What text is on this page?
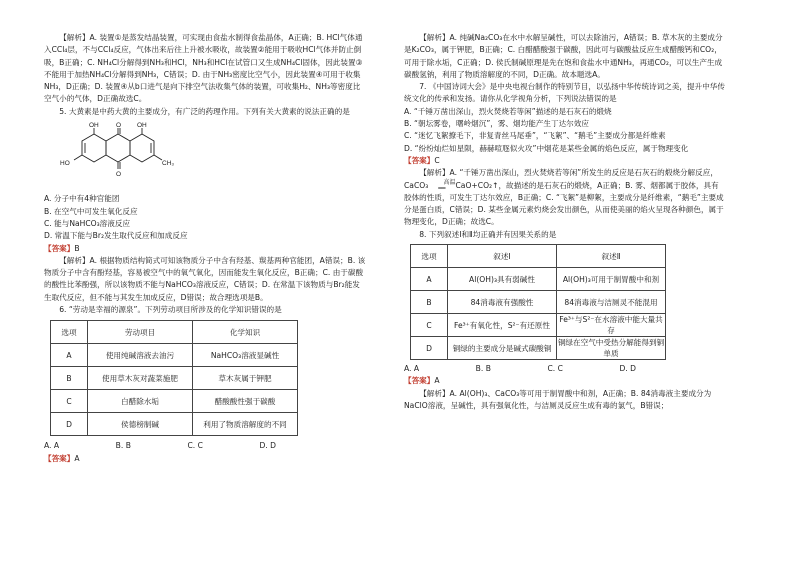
【解析】A. 装置①是蒸发结晶装置，可实现由食盐水制得食盐晶体，A正确；B. HCl气体通入CCl₄层，不与CCl₄反应，气体出来后往上升被水吸收，故装置②能用于吸收HCl气体并防止倒吸，B正确；C. NH₄Cl分解得到NH₃和HCl，NH₃和HCl在试管口又生成NH₄Cl固体，因此装置③不能用于加热NH₄Cl分解得到NH₃，C错误；D. 由于NH₃密度比空气小，因此装置④可用于收集NH₃，D正确；D. 装置④从b口进气是向下排空气法收集气体的装置，可收集H₂、NH₃等密度比空气小的气体，D正确故选C。

5. 大黄素是中药大黄的主要成分，有广泛的药理作用。下列有关大黄素的说法正确的是

OH	O OH
HO
O
CH₃

A. 分子中有4种官能团

B. 在空气中可发生氧化反应

C. 能与NaHCO₃溶液反应

D. 常温下能与Br₂发生取代反应和加成反应

【答案】B

【解析】A. 根据物质结构简式可知该物质分子中含有羟基、羰基两种官能团，A错误；B. 该物质分子中含有酚羟基，容易被空气中的氧气氧化，因而能发生氧化反应，B正确；C. 由于碳酸的酸性比苯酚强，所以该物质不能与NaHCO₃溶液反应，C错误；D. 在常温下该物质与Br₂能发生取代反应，但不能与其发生加成反应，D错误；故合理选项是B。

6. “劳动是幸福的源泉”。下列劳动项目所涉及的化学知识错误的是

选项	劳动项目	化学知识
A	使用纯碱溶液去油污	NaHCO₃溶液显碱性
B	使用草木灰对蔬菜施肥	草木灰属于钾肥
C	白醋除水垢	醋酸酸性强于碳酸
D	侯德榜制碱	利用了物质溶解度的不同
A. A	B. B	C. C	D. D

【答案】A

【解析】A. 纯碱Na₂CO₃在水中水解呈碱性，可以去除油污，A错误；B. 草木灰的主要成分是K₂CO₃，属于钾肥，B正确；C. 白醋醋酸强于碳酸，因此可与碳酸盐反应生成醋酸钙和CO₂，可用于除水垢，C正确；D. 侯氏制碱原理是先在饱和食盐水中通NH₃，再通CO₂，可以生产生成碳酸氢钠，利用了物质溶解度的不同，D正确。故本题选A。

7. 《中国诗词大会》是中央电视台制作的特别节目，以弘扬中华传统诗词之美，提升中华传统文化的传承和发扬。请你从化学视角分析，下列说法错误的是

A. “千锤万凿出深山，烈火焚烧若等闲”描述的是石灰石的煅烧

B. “朝坛雾卷，曙岭烟沉”，雾、烟均能产生丁达尔效应

C. “迷忆飞絮撩毛下，非复青丝马尾垂”，“飞絮”、“鹅毛”主要成分都是纤维素

D. “纷纷灿烂如星陨，赫赫喧豗似火攻”中烟花是某些金属的焰色反应，属于物理变化

【答案】C

【解析】A. “千锤万凿出深山，烈火焚烧若等闲”所发生的反应是石灰石的煅烧分解反应，CaCO₃	高温
══ CaO+CO₂↑，故描述的是石灰石的煅烧，A正确；B. 雾、烟都属于胶体，具有胶体的性质，可发生丁达尔效应，B正确；C. “飞絮”是柳絮，主要成分是纤维素，“鹅毛”主要成分是蛋白质，C错误；D. 某些金属元素灼烧会发出颜色，从而使美丽的焰火呈现各种颜色，属于物理变化，D正确；故选C。

8. 下列叙述Ⅰ和Ⅱ均正确并有因果关系的是

选项	叙述Ⅰ	叙述Ⅱ
A	Al(OH)₃具有弱碱性	Al(OH)₃可用于制胃酸中和剂
B	84消毒液有强酸性	84消毒液与洁厕灵不能混用
C	Fe³⁺有氧化性，S²⁻有还原性	Fe³⁺与S²⁻在水溶液中能大量共存
D	铜绿的主要成分是碱式碳酸铜	铜绿在空气中受热分解能得到铜单质
A. A	B. B	C. C	D. D

【答案】A

【解析】A. Al(OH)₃、CaCO₃等可用于制胃酸中和剂，A正确；B. 84消毒液主要成分为NaClO溶液，呈碱性，具有强氧化性，与洁厕灵反应生成有毒的氯气，B错误；
